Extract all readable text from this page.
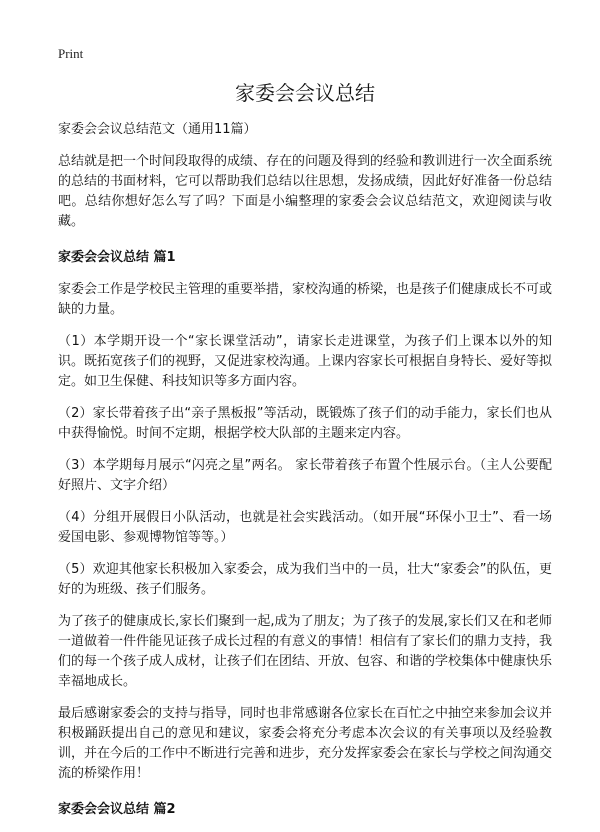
Print
家委会会议总结

家委会会议总结范文（通用11篇）

总结就是把一个时间段取得的成绩、存在的问题及得到的经验和教训进行一次全面系统的总结的书面材料，它可以帮助我们总结以往思想，发扬成绩，因此好好准备一份总结吧。总结你想好怎么写了吗？下面是小编整理的家委会会议总结范文，欢迎阅读与收藏。

家委会会议总结 篇1

家委会工作是学校民主管理的重要举措，家校沟通的桥梁，也是孩子们健康成长不可或缺的力量。

（1）本学期开设一个“家长课堂活动”，请家长走进课堂，为孩子们上课本以外的知识。既拓宽孩子们的视野，又促进家校沟通。上课内容家长可根据自身特长、爱好等拟定。如卫生保健、科技知识等多方面内容。

（2）家长带着孩子出“亲子黑板报”等活动，既锻炼了孩子们的动手能力，家长们也从中获得愉悦。时间不定期，根据学校大队部的主题来定内容。

（3）本学期每月展示“闪亮之星”两名。 家长带着孩子布置个性展示台。（主人公要配好照片、文字介绍）

（4）分组开展假日小队活动，也就是社会实践活动。（如开展“环保小卫士”、看一场爱国电影、参观博物馆等等。）

（5）欢迎其他家长积极加入家委会，成为我们当中的一员，壮大“家委会”的队伍，更好的为班级、孩子们服务。

为了孩子的健康成长,家长们聚到一起,成为了朋友；为了孩子的发展,家长们又在和老师一道做着一件件能见证孩子成长过程的有意义的事情！相信有了家长们的鼎力支持，我们的每一个孩子成人成材，让孩子们在团结、开放、包容、和谐的学校集体中健康快乐幸福地成长。

最后感谢家委会的支持与指导，同时也非常感谢各位家长在百忙之中抽空来参加会议并积极踊跃提出自己的意见和建议，家委会将充分考虑本次会议的有关事项以及经验教训，并在今后的工作中不断进行完善和进步，充分发挥家委会在家长与学校之间沟通交流的桥梁作用！

家委会会议总结 篇2
